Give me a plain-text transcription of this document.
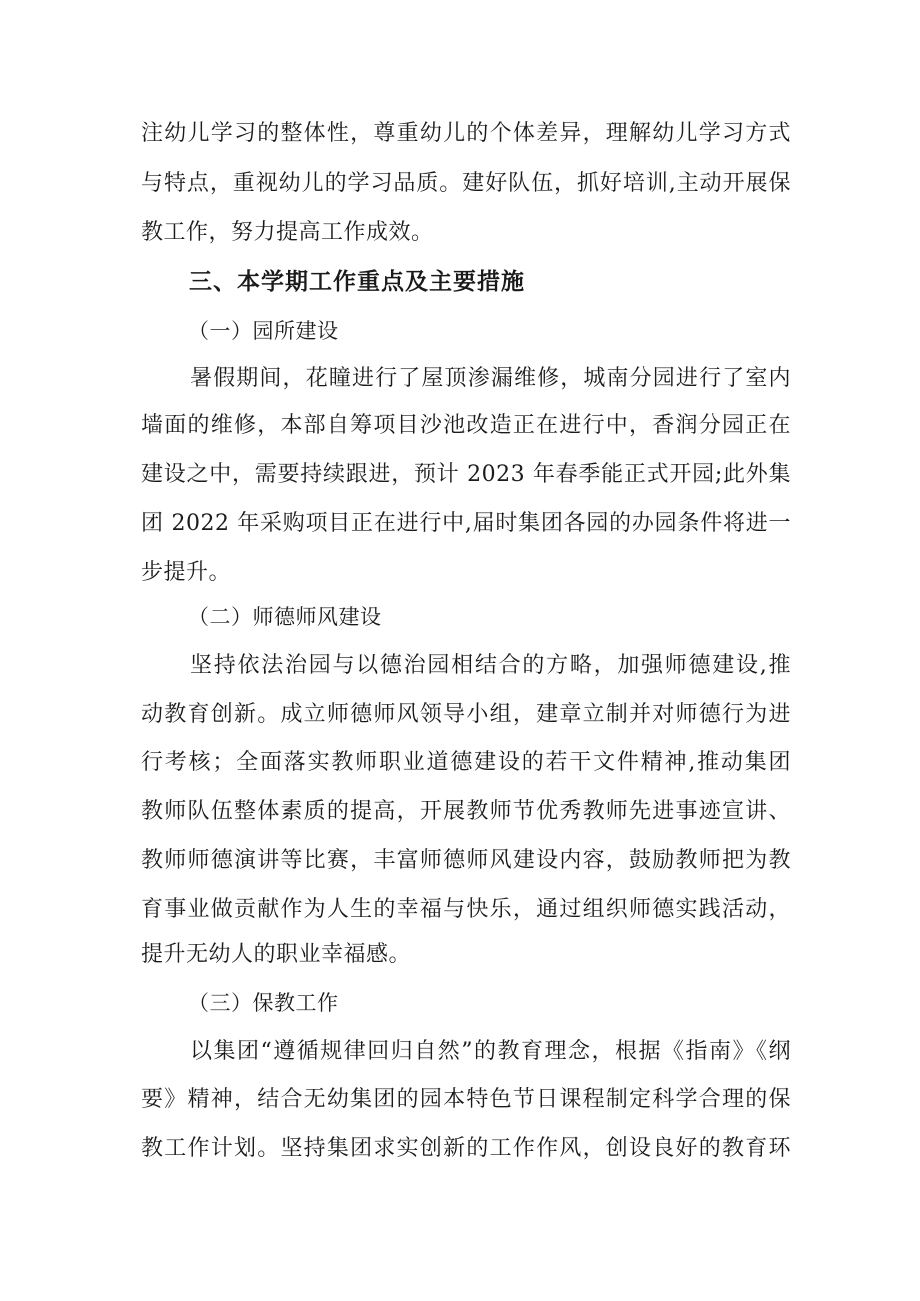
注幼儿学习的整体性，尊重幼儿的个体差异，理解幼儿学习方式
与特点，重视幼儿的学习品质。建好队伍，抓好培训,主动开展保
教工作，努力提高工作成效。
三、本学期工作重点及主要措施
（一）园所建设
暑假期间，花瞳进行了屋顶渗漏维修，城南分园进行了室内
墙面的维修，本部自筹项目沙池改造正在进行中，香润分园正在
建设之中，需要持续跟进，预计 2023 年春季能正式开园;此外集
团 2022 年采购项目正在进行中,届时集团各园的办园条件将进一
步提升。
（二）师德师风建设
坚持依法治园与以德治园相结合的方略，加强师德建设,推
动教育创新。成立师德师风领导小组，建章立制并对师德行为进
行考核；全面落实教师职业道德建设的若干文件精神,推动集团
教师队伍整体素质的提高，开展教师节优秀教师先进事迹宣讲、
教师师德演讲等比赛，丰富师德师风建设内容，鼓励教师把为教
育事业做贡献作为人生的幸福与快乐，通过组织师德实践活动，
提升无幼人的职业幸福感。
（三）保教工作
以集团“遵循规律回归自然”的教育理念，根据《指南》《纲
要》精神，结合无幼集团的园本特色节日课程制定科学合理的保
教工作计划。坚持集团求实创新的工作作风，创设良好的教育环
